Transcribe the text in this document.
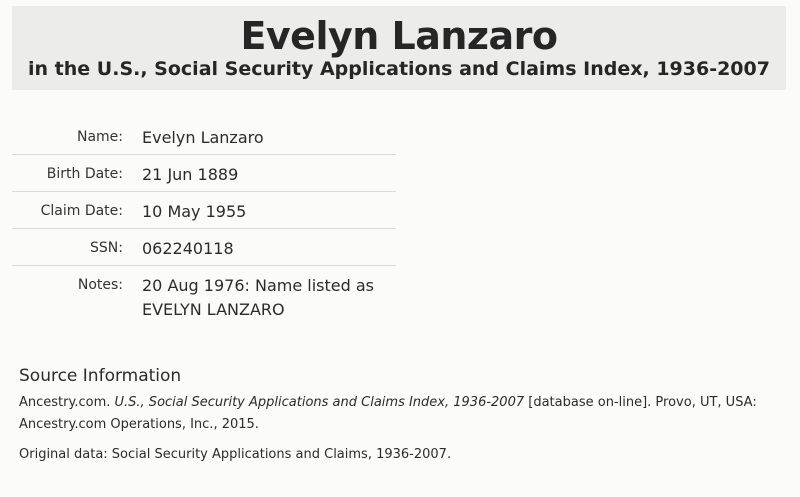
Evelyn Lanzaro
in the U.S., Social Security Applications and Claims Index, 1936-2007
Name: Evelyn Lanzaro
Birth Date: 21 Jun 1889
Claim Date: 10 May 1955
SSN: 062240118
Notes: 20 Aug 1976: Name listed as EVELYN LANZARO
Source Information
Ancestry.com. U.S., Social Security Applications and Claims Index, 1936-2007 [database on-line]. Provo, UT, USA: Ancestry.com Operations, Inc., 2015.
Original data: Social Security Applications and Claims, 1936-2007.
